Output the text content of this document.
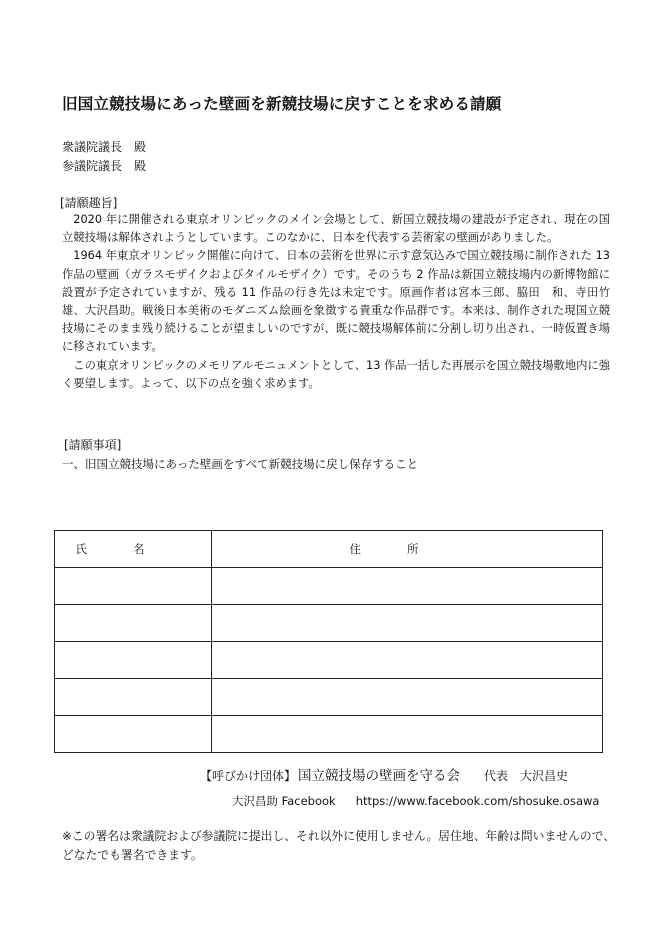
旧国立競技場にあった壁画を新競技場に戻すことを求める請願
衆議院議長　殿
参議院議長　殿
[請願趣旨]

2020 年に開催される東京オリンピックのメイン会場として、新国立競技場の建設が予定され、現在の国立競技場は解体されようとしています。このなかに、日本を代表する芸術家の壁画がありました。

1964 年東京オリンピック開催に向けて、日本の芸術を世界に示す意気込みで国立競技場に制作された 13 作品の壁画（ガラスモザイクおよびタイルモザイク）です。そのうち 2 作品は新国立競技場内の新博物館に設置が予定されていますが、残る 11 作品の行き先は未定です。原画作者は宮本三郎、脇田　和、寺田竹雄、大沢昌助。戦後日本美術のモダニズム絵画を象徴する貴重な作品群です。本来は、制作された現国立競技場にそのまま残り続けることが望ましいのですが、既に競技場解体前に分割し切り出され、一時仮置き場に移されています。

この東京オリンピックのメモリアルモニュメントとして、13 作品一括した再展示を国立競技場敷地内に強く要望します。よって、以下の点を強く求めます。

[請願事項]
一、旧国立競技場にあった壁画をすべて新競技場に戻し保存すること
氏名	住所

【呼びかけ団体】 国立競技場の壁画を守る会 代表　大沢昌史
大沢昌助 Facebook https://www.facebook.com/shosuke.osawa
※この署名は衆議院および参議院に提出し、それ以外に使用しません。居住地、年齢は問いませんので、どなたでも署名できます。
